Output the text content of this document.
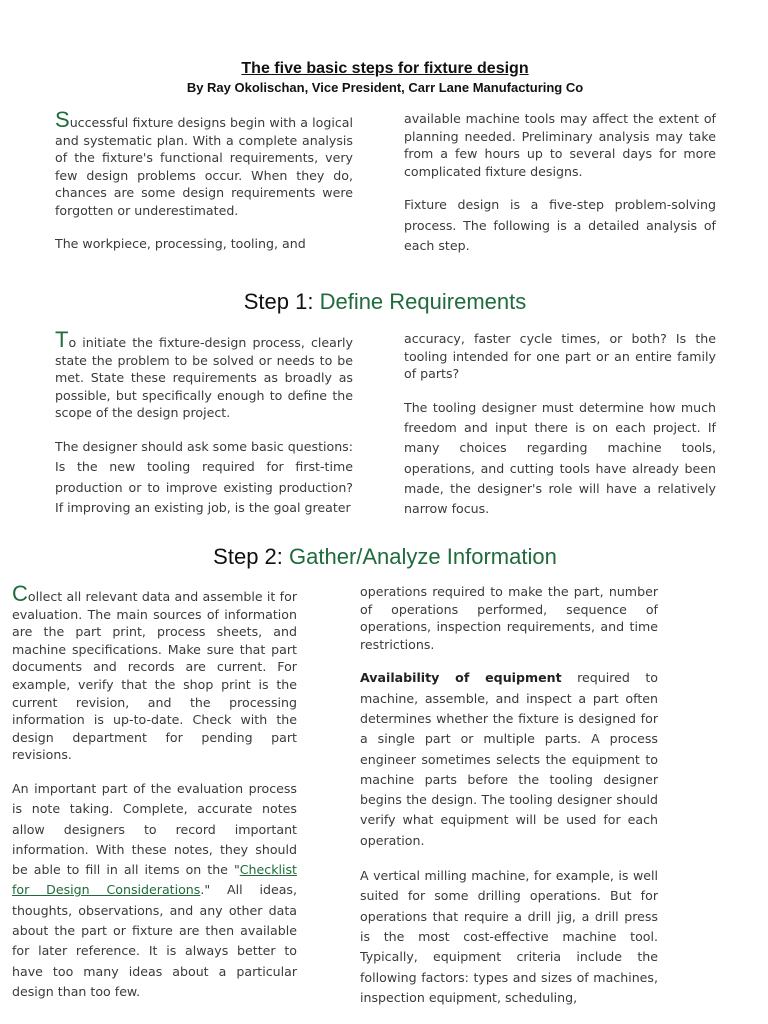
The five basic steps for fixture design
By Ray Okolischan, Vice President, Carr Lane Manufacturing Co

Successful fixture designs begin with a logical and systematic plan. With a complete analysis of the fixture's functional requirements, very few design problems occur. When they do, chances are some design requirements were forgotten or underestimated.

The workpiece, processing, tooling, and

available machine tools may affect the extent of planning needed. Preliminary analysis may take from a few hours up to several days for more complicated fixture designs.

Fixture design is a five-step problem-solving process. The following is a detailed analysis of each step.

Step 1: Define Requirements

To initiate the fixture-design process, clearly state the problem to be solved or needs to be met. State these requirements as broadly as possible, but specifically enough to define the scope of the design project.

The designer should ask some basic questions: Is the new tooling required for first-time production or to improve existing production? If improving an existing job, is the goal greater

accuracy, faster cycle times, or both? Is the tooling intended for one part or an entire family of parts?

The tooling designer must determine how much freedom and input there is on each project. If many choices regarding machine tools, operations, and cutting tools have already been made, the designer's role will have a relatively narrow focus.

Step 2: Gather/Analyze Information

Collect all relevant data and assemble it for evaluation. The main sources of information are the part print, process sheets, and machine specifications. Make sure that part documents and records are current. For example, verify that the shop print is the current revision, and the processing information is up-to-date. Check with the design department for pending part revisions.

An important part of the evaluation process is note taking. Complete, accurate notes allow designers to record important information. With these notes, they should be able to fill in all items on the "Checklist for Design Considerations." All ideas, thoughts, observations, and any other data about the part or fixture are then available for later reference. It is always better to have too many ideas about a particular design than too few.

operations required to make the part, number of operations performed, sequence of operations, inspection requirements, and time restrictions.

Availability of equipment required to machine, assemble, and inspect a part often determines whether the fixture is designed for a single part or multiple parts. A process engineer sometimes selects the equipment to machine parts before the tooling designer begins the design. The tooling designer should verify what equipment will be used for each operation.

A vertical milling machine, for example, is well suited for some drilling operations. But for operations that require a drill jig, a drill press is the most cost-effective machine tool. Typically, equipment criteria include the following factors: types and sizes of machines, inspection equipment, scheduling,
